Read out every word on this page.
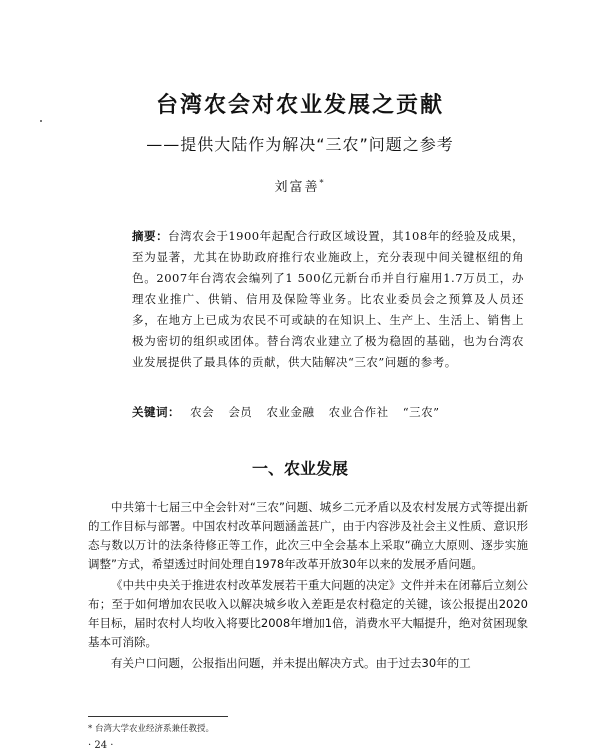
台湾农会对农业发展之贡献
——提供大陆作为解决“三农”问题之参考
刘富善*
摘要：台湾农会于1900年起配合行政区域设置，其108年的经验及成果，至为显著，尤其在协助政府推行农业施政上，充分表现中间关键枢纽的角色。2007年台湾农会编列了1 500亿元新台币并自行雇用1.7万员工，办理农业推广、供销、信用及保险等业务。比农业委员会之预算及人员还多，在地方上已成为农民不可或缺的在知识上、生产上、生活上、销售上极为密切的组织或团体。替台湾农业建立了极为稳固的基础，也为台湾农业发展提供了最具体的贡献，供大陆解决“三农”问题的参考。
关键词： 农会 会员 农业金融 农业合作社 “三农”
一、农业发展

中共第十七届三中全会针对“三农”问题、城乡二元矛盾以及农村发展方式等提出新的工作目标与部署。中国农村改革问题涵盖甚广，由于内容涉及社会主义性质、意识形态与数以万计的法条待修正等工作，此次三中全会基本上采取“确立大原则、逐步实施调整”方式，希望透过时间处理自1978年改革开放30年以来的发展矛盾问题。

《中共中央关于推进农村改革发展若干重大问题的决定》文件并未在闭幕后立刻公布；至于如何增加农民收入以解决城乡收入差距是农村稳定的关键，该公报提出2020年目标，届时农村人均收入将要比2008年增加1倍，消费水平大幅提升，绝对贫困现象基本可消除。

有关户口问题，公报指出问题，并未提出解决方式。由于过去30年的工

* 台湾大学农业经济系兼任教授。
· 24 ·
